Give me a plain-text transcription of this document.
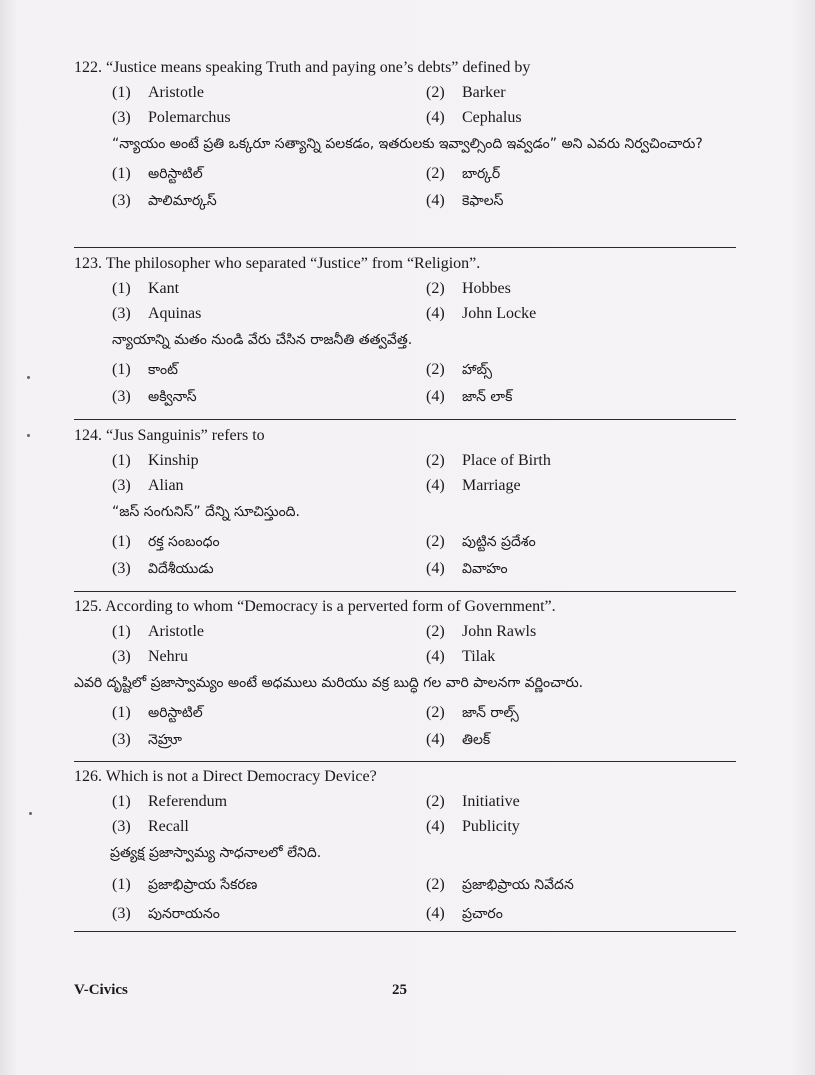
122. “Justice means speaking Truth and paying one’s debts” defined by
(1) Aristotle	(2) Barker
(3) Polemarchus	(4) Cephalus
“న్యాయం అంటే ప్రతి ఒక్కరూ సత్యాన్ని పలకడం, ఇతరులకు ఇవ్వాల్సింది ఇవ్వడం” అని ఎవరు నిర్వచించారు?
(1) అరిస్టాటిల్	(2) బార్కర్
(3) పాలిమార్కస్	(4) కెఫాలస్
123. The philosopher who separated “Justice” from “Religion”.
(1) Kant	(2) Hobbes
(3) Aquinas	(4) John Locke
న్యాయాన్ని మతం నుండి వేరు చేసిన రాజనీతి తత్వవేత్త.
(1) కాంట్	(2) హాబ్స్
(3) అక్వినాస్	(4) జాన్ లాక్
124. “Jus Sanguinis” refers to
(1) Kinship	(2) Place of Birth
(3) Alian	(4) Marriage
“జస్ సంగునిస్” దేన్ని సూచిస్తుంది.
(1) రక్త సంబంధం	(2) పుట్టిన ప్రదేశం
(3) విదేశీయుడు	(4) వివాహం
125. According to whom “Democracy is a perverted form of Government”.
(1) Aristotle	(2) John Rawls
(3) Nehru	(4) Tilak
ఎవరి దృష్టిలో ప్రజాస్వామ్యం అంటే అధములు మరియు వక్ర బుద్ధి గల వారి పాలనగా వర్ణించారు.
(1) అరిస్టాటిల్	(2) జాన్ రాల్స్
(3) నెహ్రూ	(4) తిలక్
126. Which is not a Direct Democracy Device?
(1) Referendum	(2) Initiative
(3) Recall	(4) Publicity
ప్రత్యక్ష ప్రజాస్వామ్య సాధనాలలో లేనిది.
(1) ప్రజాభిప్రాయ సేకరణ	(2) ప్రజాభిప్రాయ నివేదన
(3) పునరాయనం	(4) ప్రచారం
V-Civics	25
